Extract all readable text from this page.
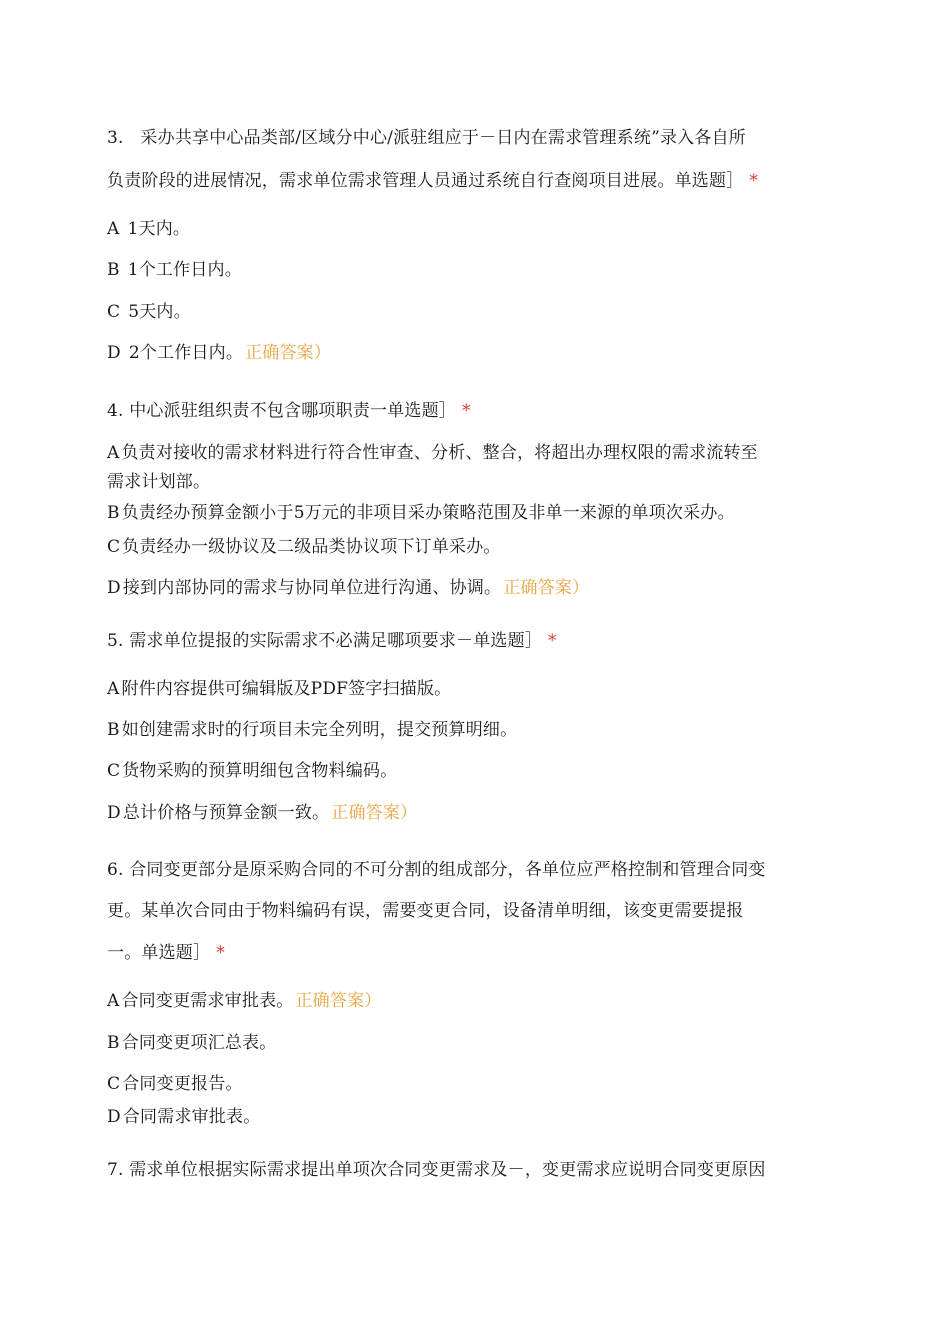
3.   采办共享中心品类部/区域分中心/派驻组应于－日内在需求管理系统”录入各自所
负责阶段的进展情况，需求单位需求管理人员通过系统自行查阅项目进展。单选题］ *
A 1天内。
B 1个工作日内。
C 5天内。
D 2个工作日内。 正确答案）
4. 中心派驻组织责不包含哪项职责一单选题］ *
A 负责对接收的需求材料进行符合性审查、分析、整合，将超出办理权限的需求流转至
需求计划部。
B 负责经办预算金额小于5万元的非项目采办策略范围及非单一来源的单项次采办。
C 负责经办一级协议及二级品类协议项下订单采办。
D 接到内部协同的需求与协同单位进行沟通、协调。 正确答案）
5. 需求单位提报的实际需求不必满足哪项要求－单选题］ *
A 附件内容提供可编辑版及PDF签字扫描版。
B 如创建需求时的行项目未完全列明，提交预算明细。
C 货物采购的预算明细包含物料编码。
D 总计价格与预算金额一致。 正确答案）
6. 合同变更部分是原采购合同的不可分割的组成部分，各单位应严格控制和管理合同变
更。某单次合同由于物料编码有误，需要变更合同，设备清单明细，该变更需要提报
一。单选题］ *
A 合同变更需求审批表。 正确答案）
B 合同变更项汇总表。
C 合同变更报告。
D 合同需求审批表。
7. 需求单位根据实际需求提出单项次合同变更需求及－，变更需求应说明合同变更原因
